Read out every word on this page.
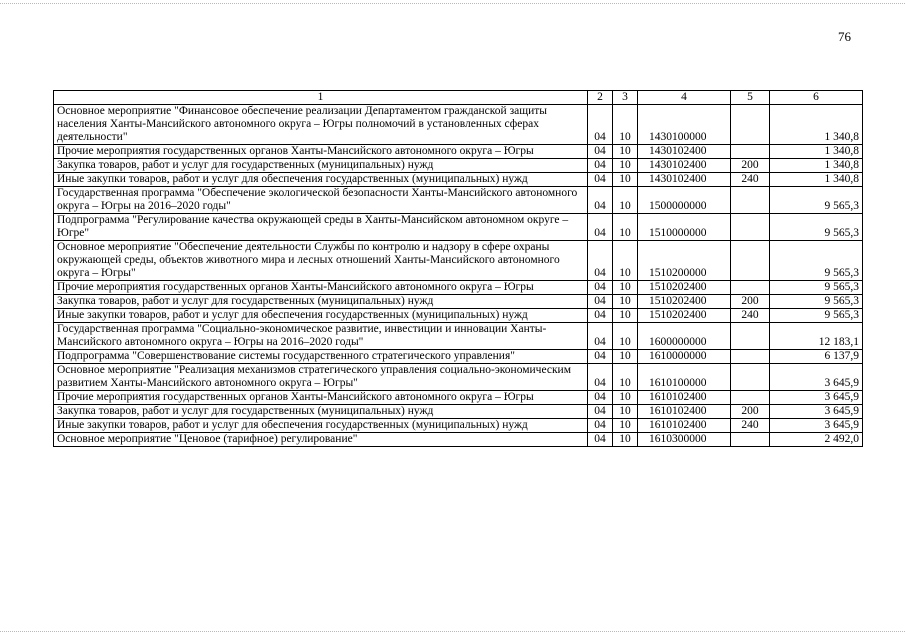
76
1	2	3	4	5	6
Основное мероприятие "Финансовое обеспечение реализации Департаментом гражданской защиты населения Ханты-Мансийского автономного округа – Югры полномочий в установленных сферах деятельности"	04	10	1430100000		1 340,8
Прочие мероприятия государственных органов Ханты-Мансийского автономного округа – Югры	04	10	1430102400		1 340,8
Закупка товаров, работ и услуг для государственных (муниципальных) нужд	04	10	1430102400	200	1 340,8
Иные закупки товаров, работ и услуг для обеспечения государственных (муниципальных) нужд	04	10	1430102400	240	1 340,8
Государственная программа "Обеспечение экологической безопасности Ханты-Мансийского автономного округа – Югры на 2016–2020 годы"	04	10	1500000000		9 565,3
Подпрограмма "Регулирование качества окружающей среды в Ханты-Мансийском автономном округе – Югре"	04	10	1510000000		9 565,3
Основное мероприятие "Обеспечение деятельности Службы по контролю и надзору в сфере охраны окружающей среды, объектов животного мира и лесных отношений Ханты-Мансийского автономного округа – Югры"	04	10	1510200000		9 565,3
Прочие мероприятия государственных органов Ханты-Мансийского автономного округа – Югры	04	10	1510202400		9 565,3
Закупка товаров, работ и услуг для государственных (муниципальных) нужд	04	10	1510202400	200	9 565,3
Иные закупки товаров, работ и услуг для обеспечения государственных (муниципальных) нужд	04	10	1510202400	240	9 565,3
Государственная программа "Социально-экономическое развитие, инвестиции и инновации Ханты-Мансийского автономного округа – Югры на 2016–2020 годы"	04	10	1600000000		12 183,1
Подпрограмма "Совершенствование системы государственного стратегического управления"	04	10	1610000000		6 137,9
Основное мероприятие "Реализация механизмов стратегического управления социально-экономическим развитием Ханты-Мансийского автономного округа – Югры"	04	10	1610100000		3 645,9
Прочие мероприятия государственных органов Ханты-Мансийского автономного округа – Югры	04	10	1610102400		3 645,9
Закупка товаров, работ и услуг для государственных (муниципальных) нужд	04	10	1610102400	200	3 645,9
Иные закупки товаров, работ и услуг для обеспечения государственных (муниципальных) нужд	04	10	1610102400	240	3 645,9
Основное мероприятие "Ценовое (тарифное) регулирование"	04	10	1610300000		2 492,0
